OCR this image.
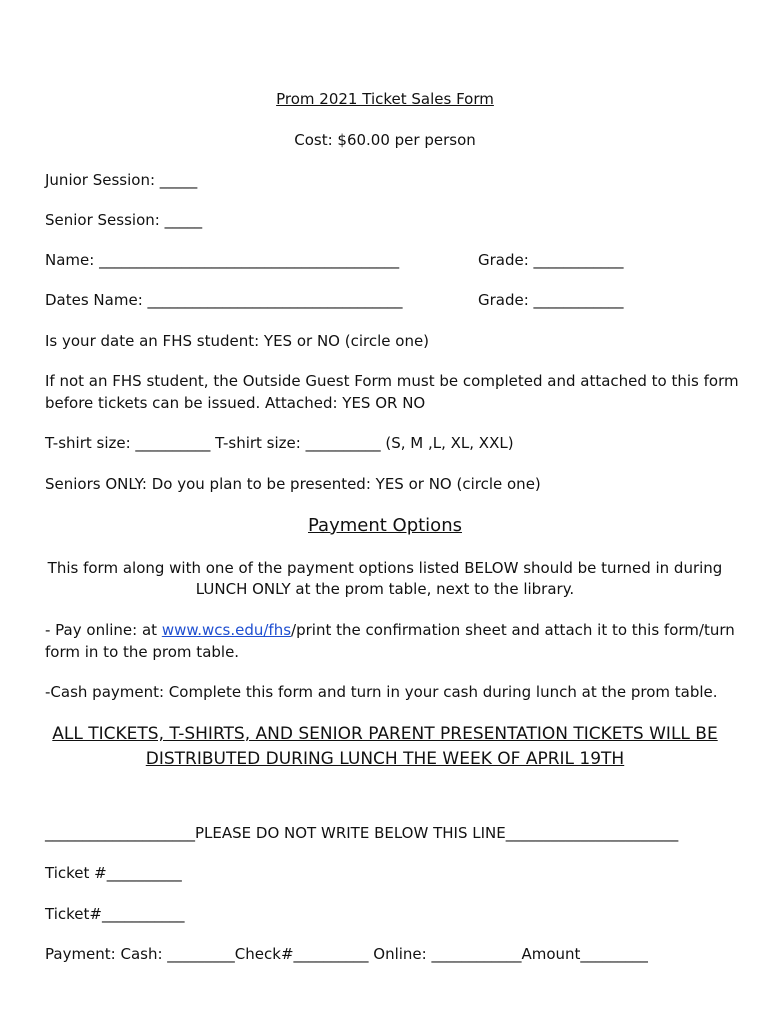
Prom 2021 Ticket Sales Form
Cost: $60.00 per person
Junior Session: _____
Senior Session: _____
Name: ________________________________________	Grade: ____________
Dates Name: __________________________________	Grade: ____________
Is your date an FHS student: YES or NO (circle one)
If not an FHS student, the Outside Guest Form must be completed and attached to this form
before tickets can be issued. Attached: YES OR NO
T-shirt size: __________ T-shirt size: __________ (S, M ,L, XL, XXL)
Seniors ONLY: Do you plan to be presented: YES or NO (circle one)
Payment Options
This form along with one of the payment options listed BELOW should be turned in during
LUNCH ONLY at the prom table, next to the library.
- Pay online: at www.wcs.edu/fhs/print the confirmation sheet and attach it to this form/turn
form in to the prom table.
-Cash payment: Complete this form and turn in your cash during lunch at the prom table.
ALL TICKETS, T-SHIRTS, AND SENIOR PARENT PRESENTATION TICKETS WILL BE
DISTRIBUTED DURING LUNCH THE WEEK OF APRIL 19TH
____________________PLEASE DO NOT WRITE BELOW THIS LINE_______________________
Ticket #__________
Ticket#___________
Payment: Cash: _________Check#__________ Online: ____________Amount_________
